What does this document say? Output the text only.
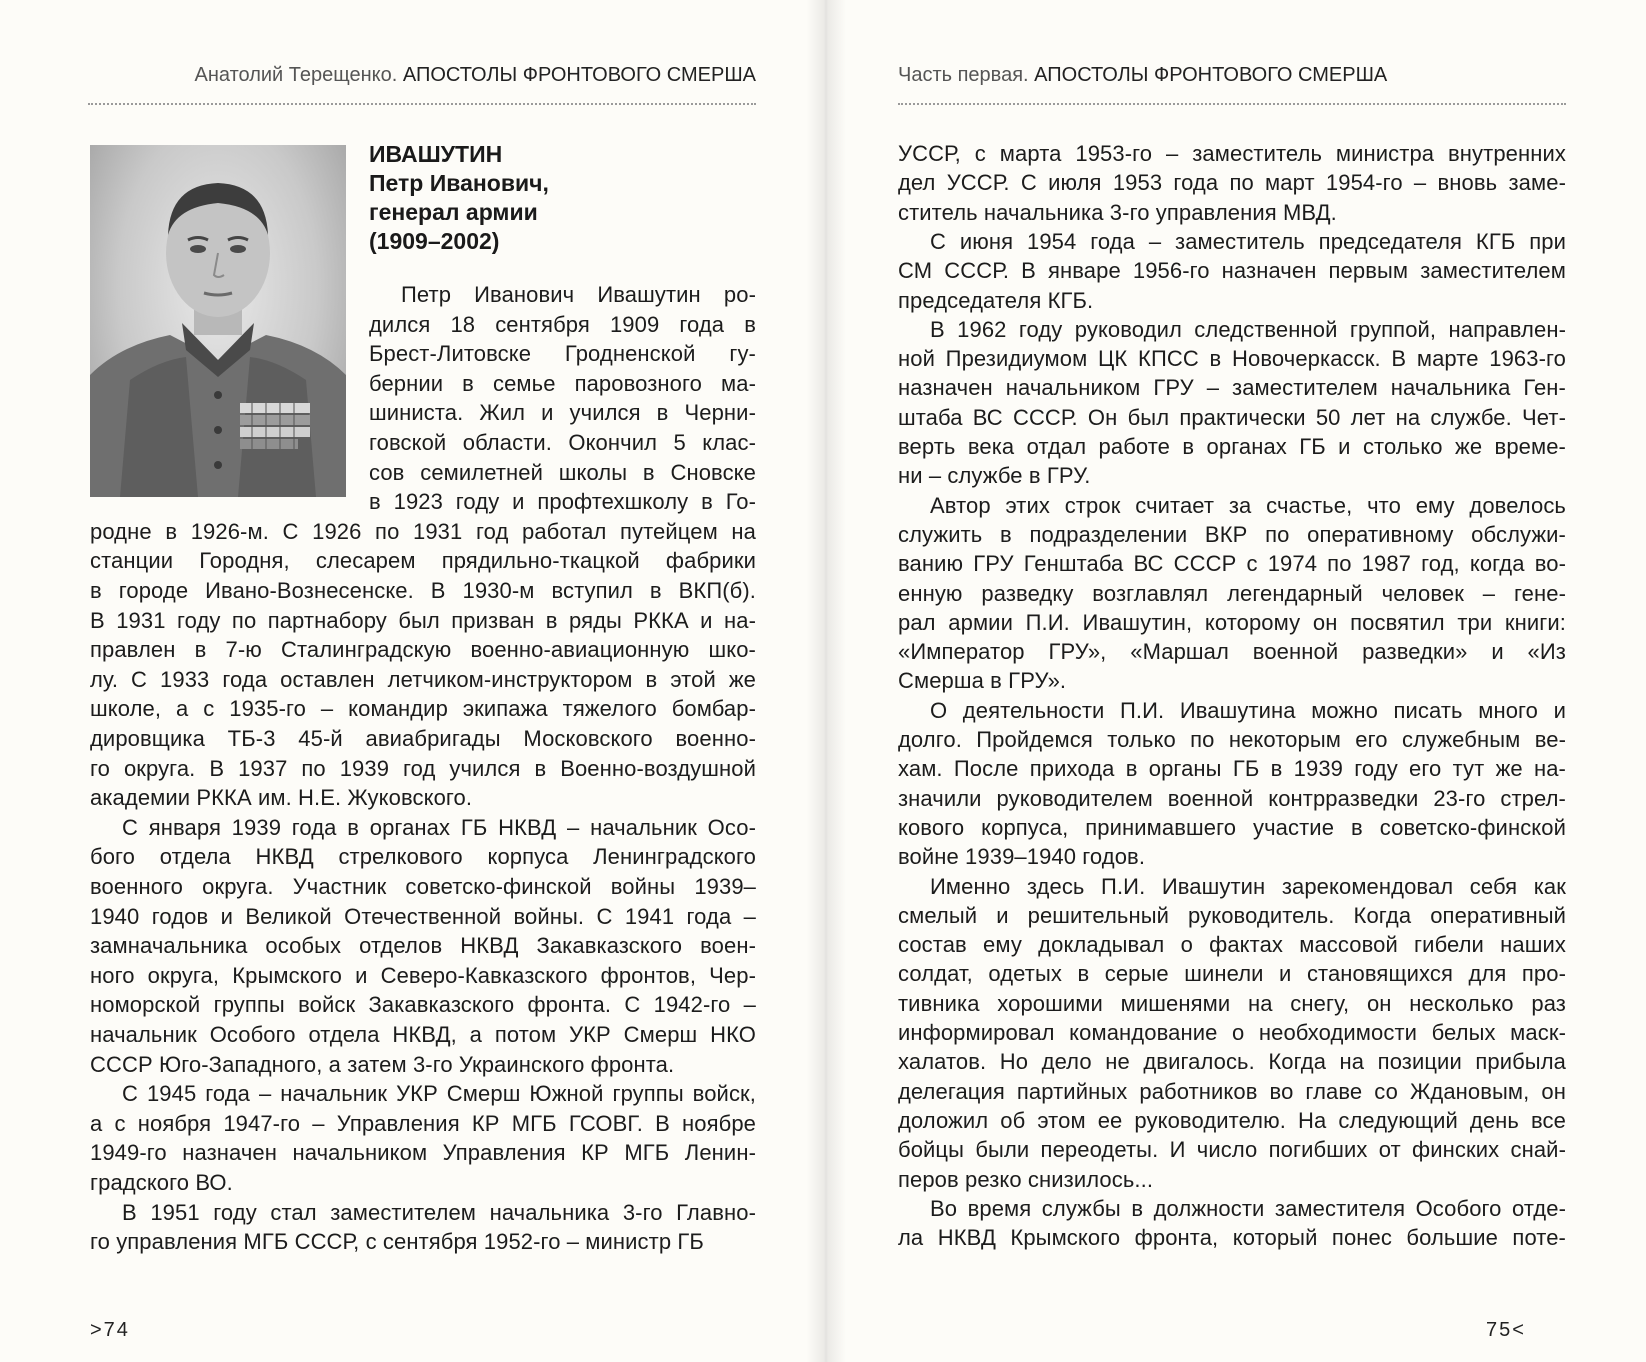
Анатолий Терещенко. АПОСТОЛЫ ФРОНТОВОГО СМЕРША
ИВАШУТИН
Петр Иванович,
генерал армии
(1909–2002)
Петр Иванович Ивашутин ро-
дился 18 сентября 1909 года в
Брест-Литовске Гродненской гу-
бернии в семье паровозного ма-
шиниста. Жил и учился в Черни-
говской области. Окончил 5 клас-
сов семилетней школы в Сновске
в 1923 году и профтехшколу в Го-
родне в 1926-м. С 1926 по 1931 год работал путейцем на
станции Городня, слесарем прядильно-ткацкой фабрики
в городе Ивано-Вознесенске. В 1930-м вступил в ВКП(б).
В 1931 году по партнабору был призван в ряды РККА и на-
правлен в 7-ю Сталинградскую военно-авиационную шко-
лу. С 1933 года оставлен летчиком-инструктором в этой же
школе, а с 1935-го – командир экипажа тяжелого бомбар-
дировщика ТБ-3 45-й авиабригады Московского военно-
го округа. В 1937 по 1939 год учился в Военно-воздушной
академии РККА им. Н.Е. Жуковского.
С января 1939 года в органах ГБ НКВД – начальник Осо-
бого отдела НКВД стрелкового корпуса Ленинградского
военного округа. Участник советско-финской войны 1939–
1940 годов и Великой Отечественной войны. С 1941 года –
замначальника особых отделов НКВД Закавказского воен-
ного округа, Крымского и Северо-Кавказского фронтов, Чер-
номорской группы войск Закавказского фронта. С 1942-го –
начальник Особого отдела НКВД, а потом УКР Смерш НКО
СССР Юго-Западного, а затем 3-го Украинского фронта.
С 1945 года – начальник УКР Смерш Южной группы войск,
а с ноября 1947-го – Управления КР МГБ ГСОВГ. В ноябре
1949-го назначен начальником Управления КР МГБ Ленин-
градского ВО.
В 1951 году стал заместителем начальника 3-го Главно-
го управления МГБ СССР, с сентября 1952-го – министр ГБ
>74
Часть первая. АПОСТОЛЫ ФРОНТОВОГО СМЕРША
УССР, с марта 1953-го – заместитель министра внутренних
дел УССР. С июля 1953 года по март 1954-го – вновь заме-
ститель начальника 3-го управления МВД.
С июня 1954 года – заместитель председателя КГБ при
СМ СССР. В январе 1956-го назначен первым заместителем
председателя КГБ.
В 1962 году руководил следственной группой, направлен-
ной Президиумом ЦК КПСС в Новочеркасск. В марте 1963-го
назначен начальником ГРУ – заместителем начальника Ген-
штаба ВС СССР. Он был практически 50 лет на службе. Чет-
верть века отдал работе в органах ГБ и столько же време-
ни – службе в ГРУ.
Автор этих строк считает за счастье, что ему довелось
служить в подразделении ВКР по оперативному обслужи-
ванию ГРУ Генштаба ВС СССР с 1974 по 1987 год, когда во-
енную разведку возглавлял легендарный человек – гене-
рал армии П.И. Ивашутин, которому он посвятил три книги:
«Император ГРУ», «Маршал военной разведки» и «Из
Смерша в ГРУ».
О деятельности П.И. Ивашутина можно писать много и
долго. Пройдемся только по некоторым его служебным ве-
хам. После прихода в органы ГБ в 1939 году его тут же на-
значили руководителем военной контрразведки 23-го стрел-
кового корпуса, принимавшего участие в советско-финской
войне 1939–1940 годов.
Именно здесь П.И. Ивашутин зарекомендовал себя как
смелый и решительный руководитель. Когда оперативный
состав ему докладывал о фактах массовой гибели наших
солдат, одетых в серые шинели и становящихся для про-
тивника хорошими мишенями на снегу, он несколько раз
информировал командование о необходимости белых маск-
халатов. Но дело не двигалось. Когда на позиции прибыла
делегация партийных работников во главе со Ждановым, он
доложил об этом ее руководителю. На следующий день все
бойцы были переодеты. И число погибших от финских снай-
перов резко снизилось...
Во время службы в должности заместителя Особого отде-
ла НКВД Крымского фронта, который понес большие поте-
75<
